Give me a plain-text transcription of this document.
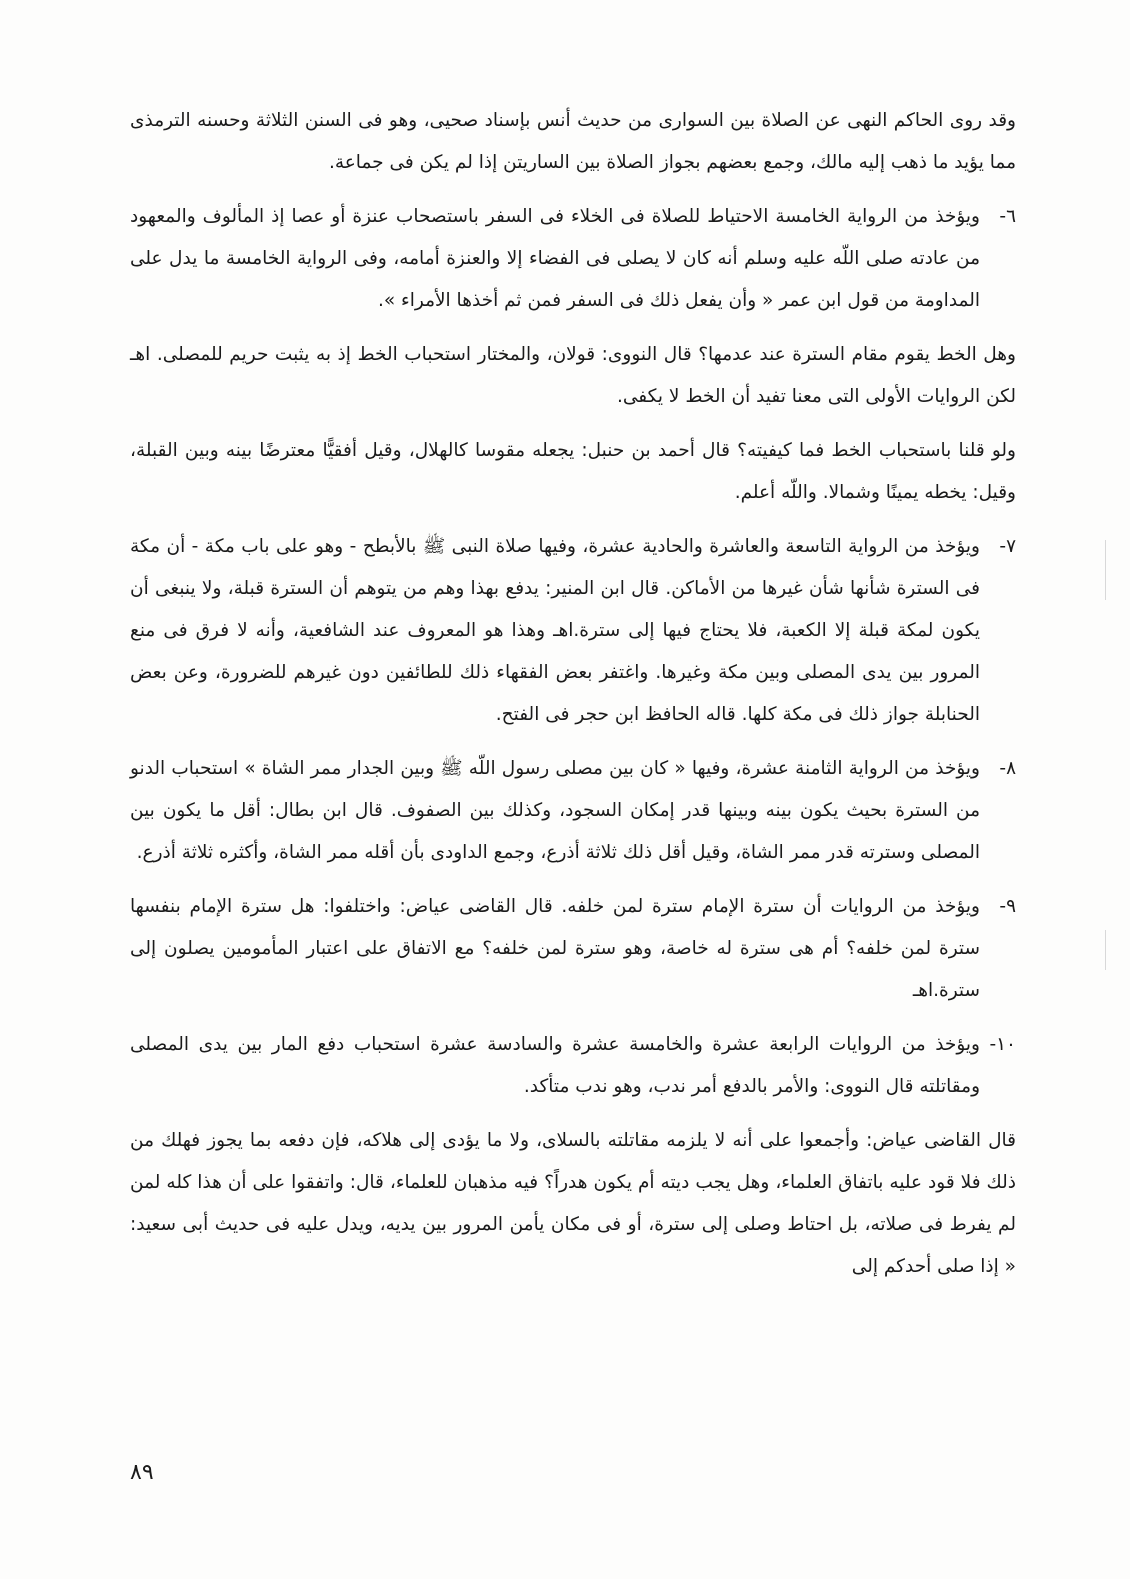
وقد روى الحاكم النهى عن الصلاة بين السوارى من حديث أنس بإسناد صحيى، وهو فى السنن الثلاثة وحسنه الترمذى مما يؤيد ما ذهب إليه مالك، وجمع بعضهم بجواز الصلاة بين الساريتن إذا لم يكن فى جماعة.

٦-
ويؤخذ من الرواية الخامسة الاحتياط للصلاة فى الخلاء فى السفر باستصحاب عنزة أو عصا إذ المألوف والمعهود من عادته صلى اللّه عليه وسلم أنه كان لا يصلى فى الفضاء إلا والعنزة أمامه، وفى الرواية الخامسة ما يدل على المداومة من قول ابن عمر « وأن يفعل ذلك فى السفر فمن ثم أخذها الأمراء ».

وهل الخط يقوم مقام السترة عند عدمها؟ قال النووى: قولان، والمختار استحباب الخط إذ به يثبت حريم للمصلى. اهـ لكن الروايات الأولى التى معنا تفيد أن الخط لا يكفى.

ولو قلنا باستحباب الخط فما كيفيته؟ قال أحمد بن حنبل: يجعله مقوسا كالهلال، وقيل أفقيًّا معترضًا بينه وبين القبلة، وقيل: يخطه يمينًا وشمالا. واللّه أعلم.

٧-
ويؤخذ من الرواية التاسعة والعاشرة والحادية عشرة، وفيها صلاة النبى ﷺ بالأبطح - وهو على باب مكة - أن مكة فى السترة شأنها شأن غيرها من الأماكن. قال ابن المنير: يدفع بهذا وهم من يتوهم أن السترة قبلة، ولا ينبغى أن يكون لمكة قبلة إلا الكعبة، فلا يحتاج فيها إلى سترة.اهـ وهذا هو المعروف عند الشافعية، وأنه لا فرق فى منع المرور بين يدى المصلى وبين مكة وغيرها. واغتفر بعض الفقهاء ذلك للطائفين دون غيرهم للضرورة، وعن بعض الحنابلة جواز ذلك فى مكة كلها. قاله الحافظ ابن حجر فى الفتح.
٨-
ويؤخذ من الرواية الثامنة عشرة، وفيها « كان بين مصلى رسول اللّه ﷺ وبين الجدار ممر الشاة » استحباب الدنو من السترة بحيث يكون بينه وبينها قدر إمكان السجود، وكذلك بين الصفوف. قال ابن بطال: أقل ما يكون بين المصلى وسترته قدر ممر الشاة، وقيل أقل ذلك ثلاثة أذرع، وجمع الداودى بأن أقله ممر الشاة، وأكثره ثلاثة أذرع.
٩-
ويؤخذ من الروايات أن سترة الإمام سترة لمن خلفه. قال القاضى عياض: واختلفوا: هل سترة الإمام بنفسها سترة لمن خلفه؟ أم هى سترة له خاصة، وهو سترة لمن خلفه؟ مع الاتفاق على اعتبار المأمومين يصلون إلى سترة.اهـ
١٠-
ويؤخذ من الروايات الرابعة عشرة والخامسة عشرة والسادسة عشرة استحباب دفع المار بين يدى المصلى ومقاتلته قال النووى: والأمر بالدفع أمر ندب، وهو ندب متأكد.

قال القاضى عياض: وأجمعوا على أنه لا يلزمه مقاتلته بالسلاى، ولا ما يؤدى إلى هلاكه، فإن دفعه بما يجوز فهلك من ذلك فلا قود عليه باتفاق العلماء، وهل يجب ديته أم يكون هدراً؟ فيه مذهبان للعلماء، قال: واتفقوا على أن هذا كله لمن لم يفرط فى صلاته، بل احتاط وصلى إلى سترة، أو فى مكان يأمن المرور بين يديه، ويدل عليه فى حديث أبى سعيد: « إذا صلى أحدكم إلى

٨٩
